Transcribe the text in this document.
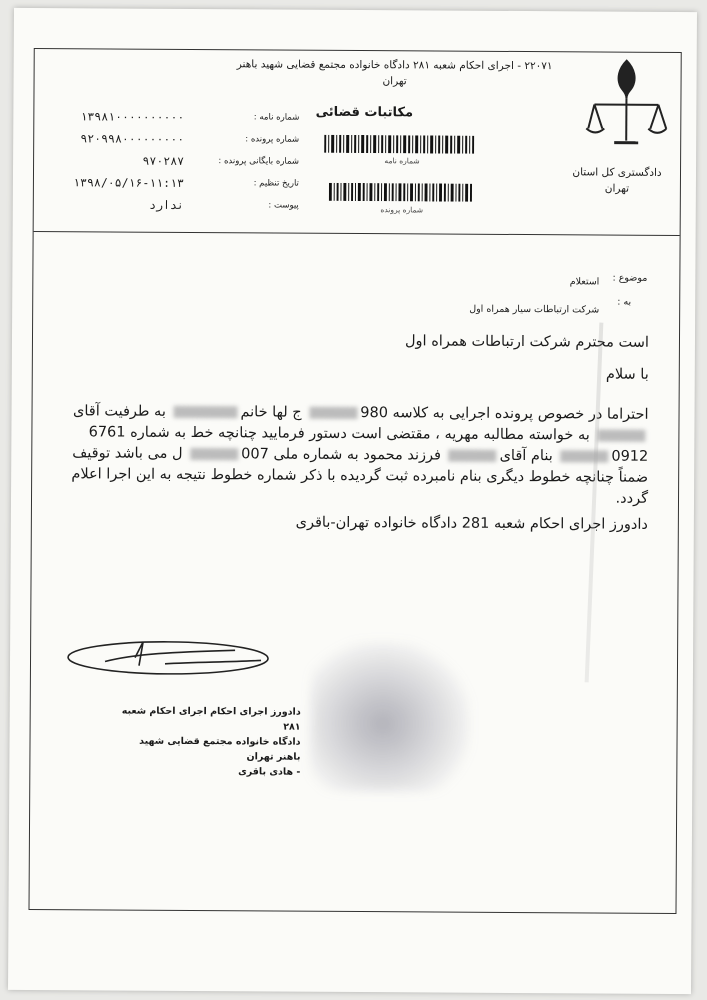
دادگستری کل استان تهران
۲۲۰۷۱ - اجرای احکام شعبه ۲۸۱ دادگاه خانواده مجتمع قضایی شهید باهنر تهران
مکاتبات قضائی
شماره نامه
شماره پرونده
شماره نامه :
شماره پرونده :
شماره بایگانی پرونده :
تاریخ تنظیم :
پیوست :
۱۳۹۸۱۰۰۰۰۰۰۰۰۰۰
۹۲۰۹۹۸۰۰۰۰۰۰۰۰۰
۹۷۰۲۸۷
۱۳۹۸/۰۵/۱۶-۱۱:۱۳
ندارد
موضوع :
استعلام
به :
شرکت ارتباطات سیار همراه اول
است محترم شرکت ارتباطات همراه اول
با سلام
احتراما در خصوص پرونده اجرایی به کلاسه 980 ج لها خانم به طرفیت آقای به خواسته مطالبه مهریه ، مقتضی است دستور فرمایید چنانچه خط به شماره 6761 0912 بنام آقای فرزند محمود به شماره ملی 007 ل می باشد توقیف ضمناً چنانچه خطوط دیگری بنام نامبرده ثبت گردیده با ذکر شماره خطوط نتیجه به این اجرا اعلام گردد.
دادورز اجرای احکام شعبه 281 دادگاه خانواده تهران-باقری
دادورز اجرای احکام اجرای احکام شعبه ۲۸۱
دادگاه خانواده مجتمع قضایی شهید باهنر تهران
- هادی باقری
